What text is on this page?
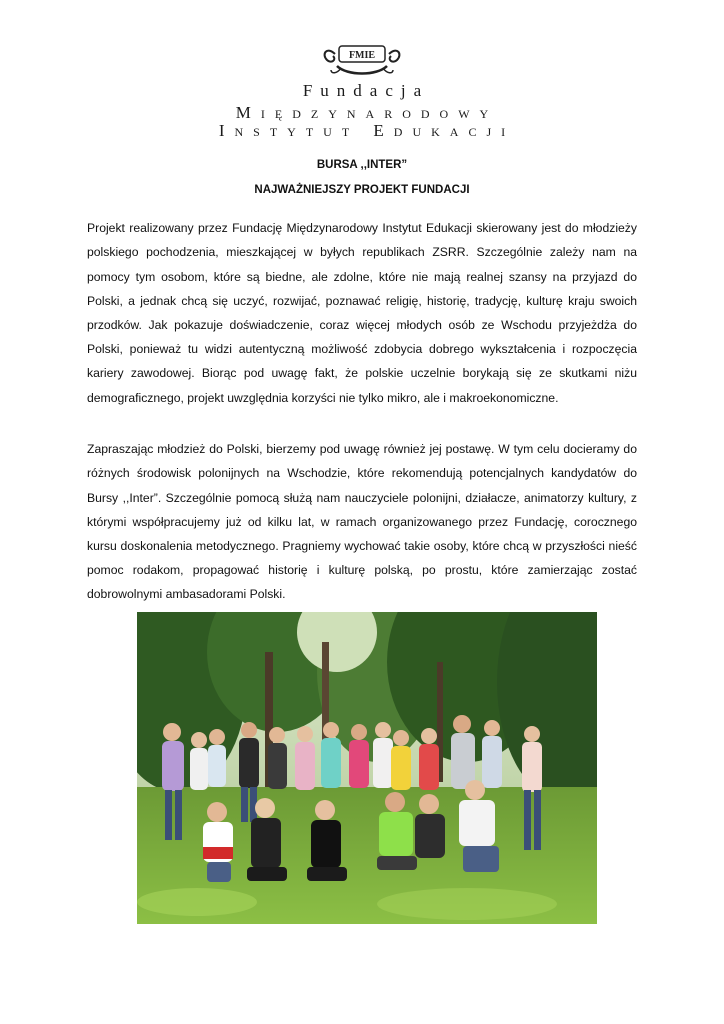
FMIE
Fundacja
Międzynarodowy
Instytut Edukacji
BURSA ,,INTER”
NAJWAŻNIEJSZY PROJEKT FUNDACJI

Projekt realizowany przez Fundację Międzynarodowy Instytut Edukacji skierowany jest do młodzieży polskiego pochodzenia, mieszkającej w byłych republikach ZSRR. Szczególnie zależy nam na pomocy tym osobom, które są biedne, ale zdolne, które nie mają realnej szansy na przyjazd do Polski, a jednak chcą się uczyć, rozwijać, poznawać religię, historię, tradycję, kulturę kraju swoich przodków. Jak pokazuje doświadczenie, coraz więcej młodych osób ze Wschodu przyjeżdża do Polski, ponieważ tu widzi autentyczną możliwość zdobycia dobrego wykształcenia i rozpoczęcia kariery zawodowej. Biorąc pod uwagę fakt, że polskie uczelnie borykają się ze skutkami niżu demograficznego, projekt uwzględnia korzyści nie tylko mikro, ale i makroekonomiczne.

Zapraszając młodzież do Polski, bierzemy pod uwagę również jej postawę. W tym celu docieramy do różnych środowisk polonijnych na Wschodzie, które rekomendują potencjalnych kandydatów do Bursy ,,Inter”. Szczególnie pomocą służą nam nauczyciele polonijni, działacze, animatorzy kultury, z którymi współpracujemy już od kilku lat, w ramach organizowanego przez Fundację, corocznego kursu doskonalenia metodycznego. Pragniemy wychować takie osoby, które chcą w przyszłości nieść pomoc rodakom, propagować historię i kulturę polską, po prostu, które zamierzając zostać dobrowolnymi ambasadorami Polski.
